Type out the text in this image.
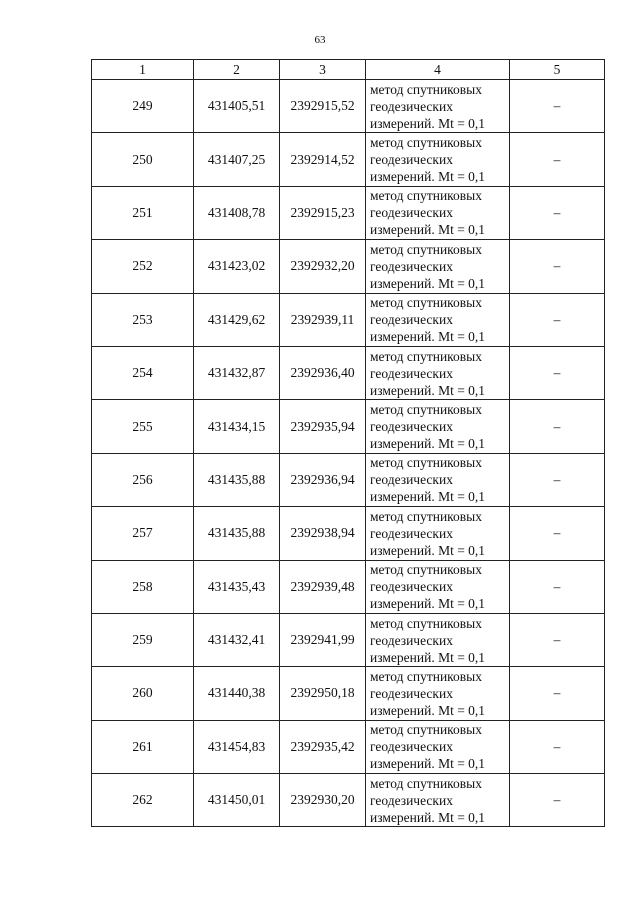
63
1	2	3	4	5
249	431405,51	2392915,52	метод спутниковых
геодезических
измерений. Mt = 0,1	–
250	431407,25	2392914,52	метод спутниковых
геодезических
измерений. Mt = 0,1	–
251	431408,78	2392915,23	метод спутниковых
геодезических
измерений. Mt = 0,1	–
252	431423,02	2392932,20	метод спутниковых
геодезических
измерений. Mt = 0,1	–
253	431429,62	2392939,11	метод спутниковых
геодезических
измерений. Mt = 0,1	–
254	431432,87	2392936,40	метод спутниковых
геодезических
измерений. Mt = 0,1	–
255	431434,15	2392935,94	метод спутниковых
геодезических
измерений. Mt = 0,1	–
256	431435,88	2392936,94	метод спутниковых
геодезических
измерений. Mt = 0,1	–
257	431435,88	2392938,94	метод спутниковых
геодезических
измерений. Mt = 0,1	–
258	431435,43	2392939,48	метод спутниковых
геодезических
измерений. Mt = 0,1	–
259	431432,41	2392941,99	метод спутниковых
геодезических
измерений. Mt = 0,1	–
260	431440,38	2392950,18	метод спутниковых
геодезических
измерений. Mt = 0,1	–
261	431454,83	2392935,42	метод спутниковых
геодезических
измерений. Mt = 0,1	–
262	431450,01	2392930,20	метод спутниковых
геодезических
измерений. Mt = 0,1	–
